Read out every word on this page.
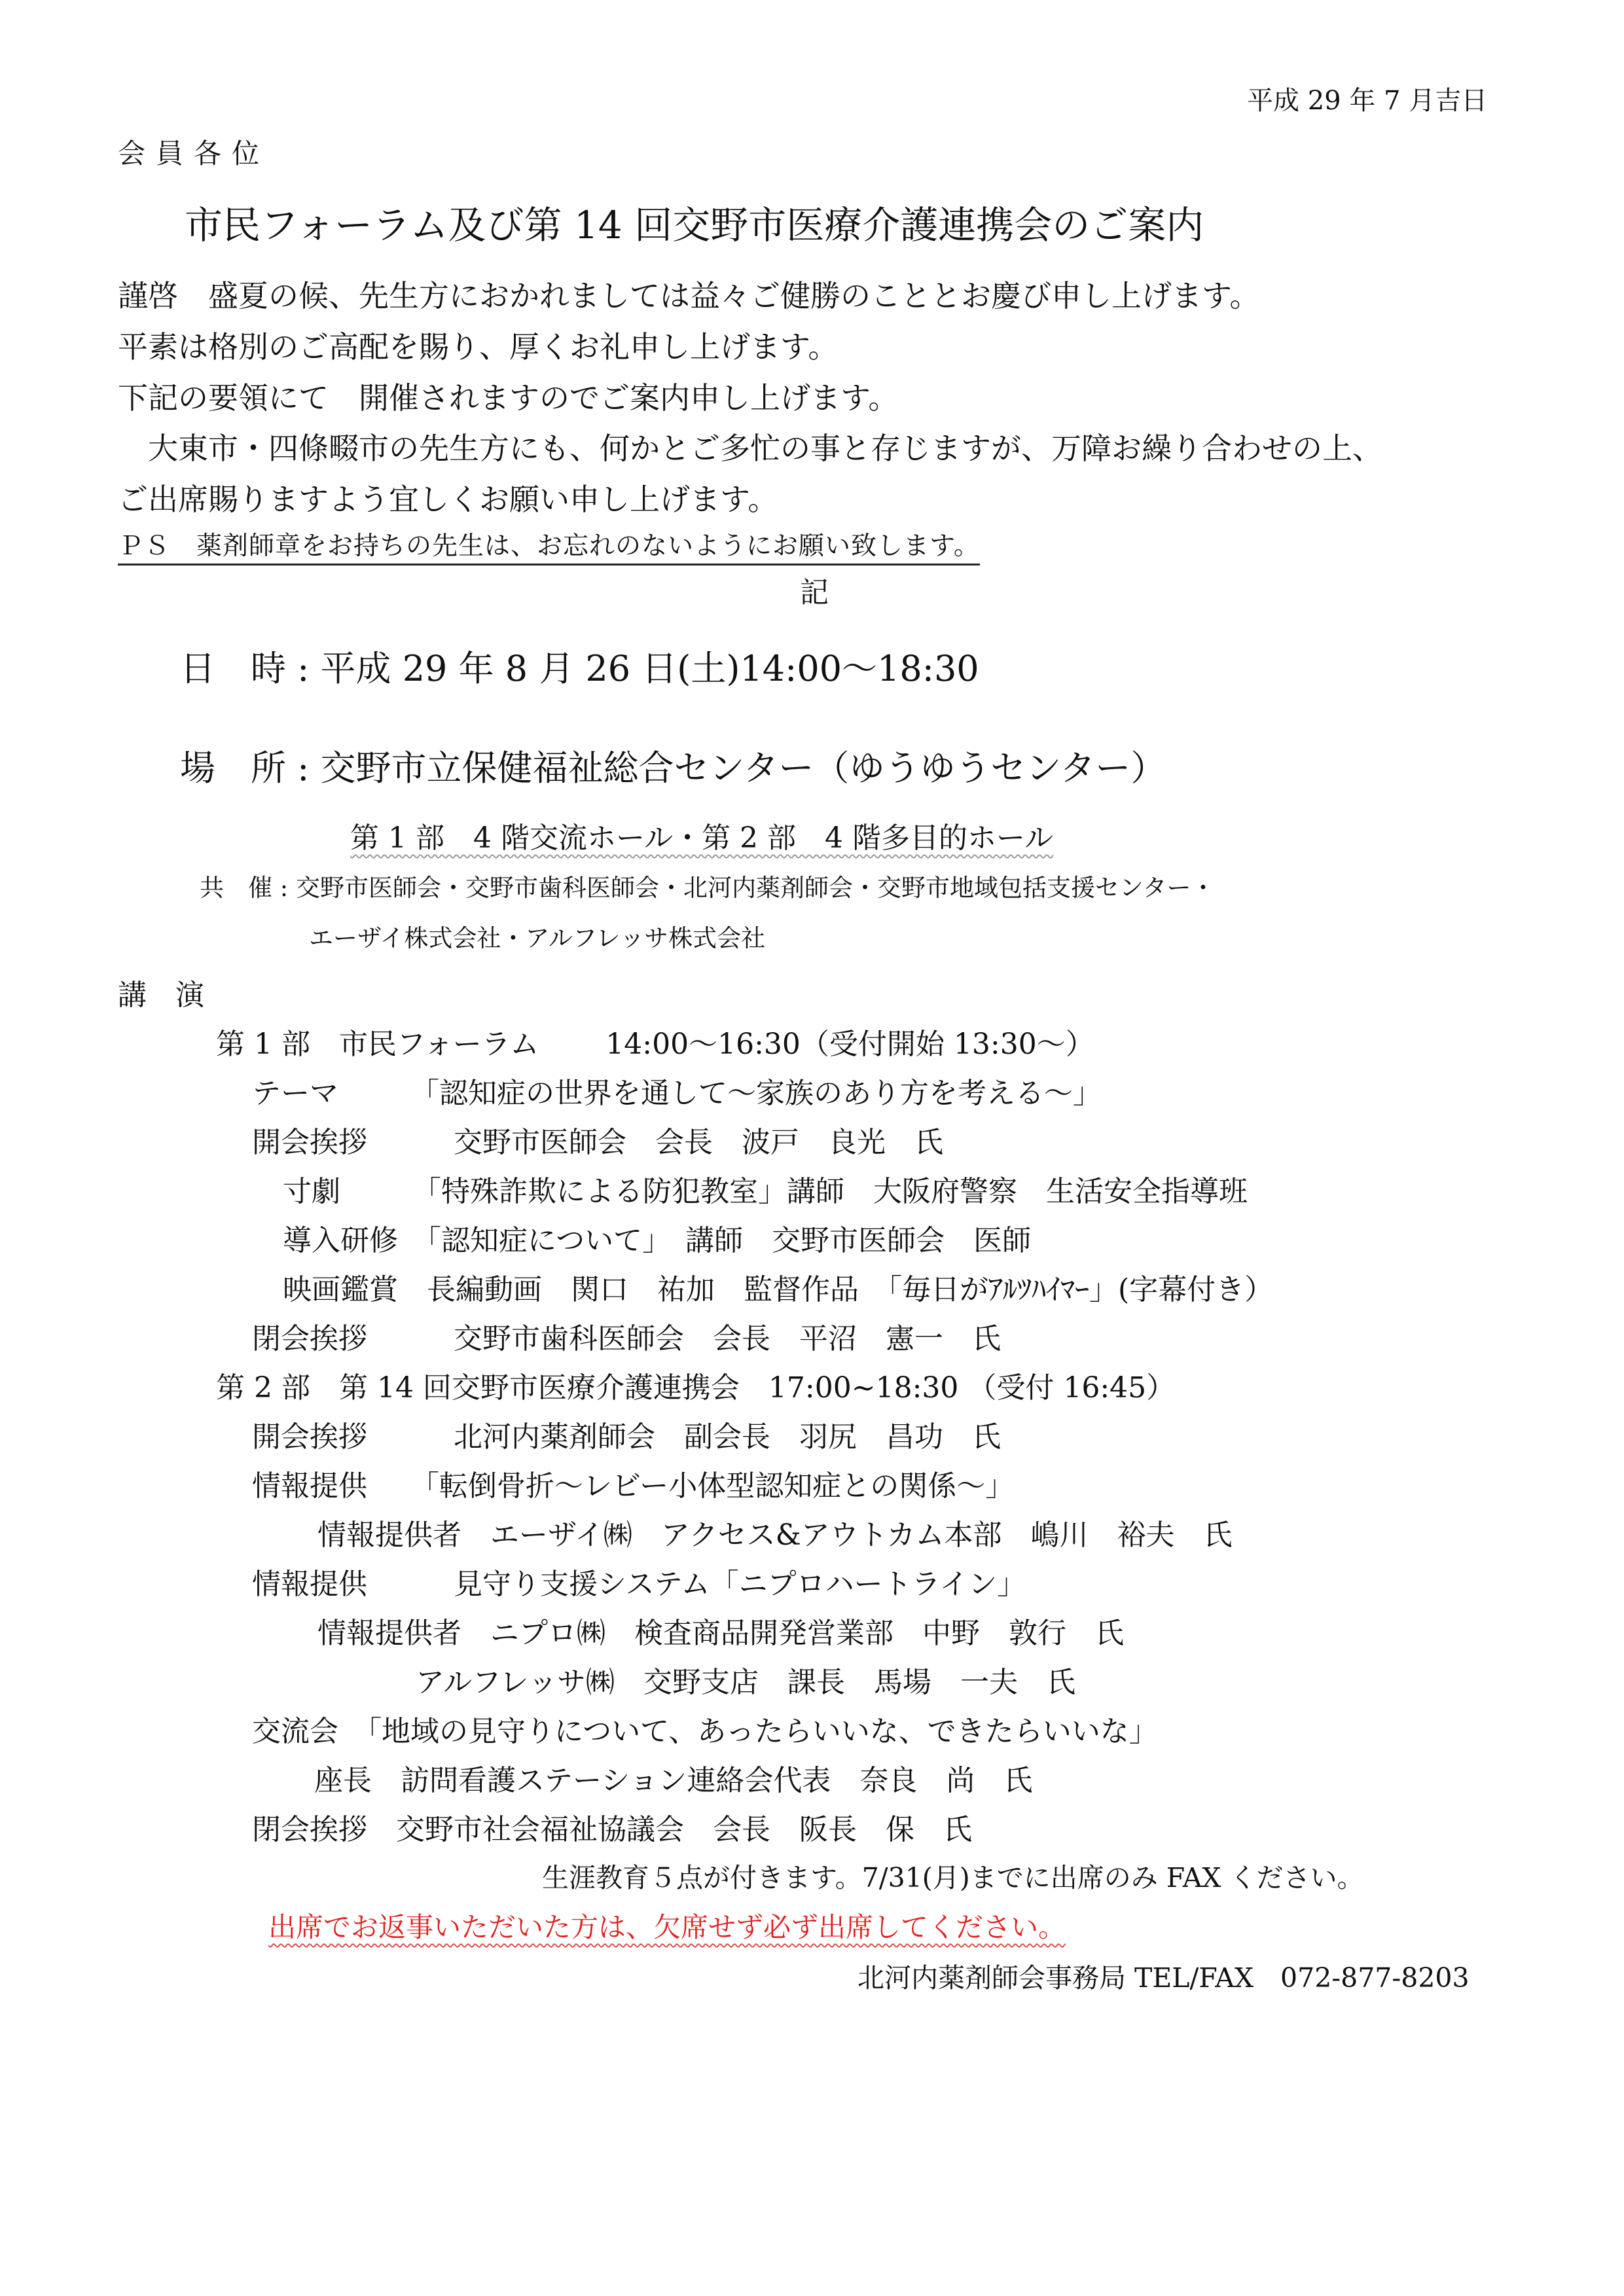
平成 29 年 7 月吉日
会員各位
市民フォーラム及び第 14 回交野市医療介護連携会のご案内
謹啓　盛夏の候、先生方におかれましては益々ご健勝のこととお慶び申し上げます。
平素は格別のご高配を賜り、厚くお礼申し上げます。
下記の要領にて　開催されますのでご案内申し上げます。
　大東市・四條畷市の先生方にも、何かとご多忙の事と存じますが、万障お繰り合わせの上、
ご出席賜りますよう宜しくお願い申し上げます。
ＰＳ　薬剤師章をお持ちの先生は、お忘れのないようにお願い致します。
記
日　時 : 平成 29 年 8 月 26 日(土)14:00～18:30
場　所 : 交野市立保健福祉総合センター（ゆうゆうセンター）
第 1 部　4 階交流ホール・第 2 部　4 階多目的ホール
共　催 : 交野市医師会・交野市歯科医師会・北河内薬剤師会・交野市地域包括支援センター・
エーザイ株式会社・アルフレッサ株式会社
講　演
第 1 部　市民フォーラム　　 14:00～16:30（受付開始 13:30～）
テーマ　　　「認知症の世界を通して～家族のあり方を考える～」
開会挨拶　　　交野市医師会　会長　波戸　良光　氏
寸劇　　　「特殊詐欺による防犯教室」講師　大阪府警察　生活安全指導班
導入研修　「認知症について」　講師　交野市医師会　医師
映画鑑賞　長編動画　関口　祐加　監督作品　「毎日がｱﾙﾂﾊｲﾏｰ」(字幕付き）
閉会挨拶　　　交野市歯科医師会　会長　平沼　憲一　氏
第 2 部　第 14 回交野市医療介護連携会　17:00~18:30 （受付 16:45）
開会挨拶　　　北河内薬剤師会　副会長　羽尻　昌功　氏
情報提供　　「転倒骨折～レビー小体型認知症との関係～」
情報提供者　エーザイ㈱　アクセス&アウトカム本部　嶋川　裕夫　氏
情報提供　　　見守り支援システム「ニプロハートライン」
情報提供者　ニプロ㈱　検査商品開発営業部　中野　敦行　氏
アルフレッサ㈱　交野支店　課長　馬場　一夫　氏
交流会　「地域の見守りについて、あったらいいな、できたらいいな」
座長　訪問看護ステーション連絡会代表　奈良　尚　氏
閉会挨拶　交野市社会福祉協議会　会長　阪長　保　氏
生涯教育５点が付きます。7/31(月)までに出席のみ FAX ください。
出席でお返事いただいた方は、欠席せず必ず出席してください。
北河内薬剤師会事務局 TEL/FAX　072-877-8203
